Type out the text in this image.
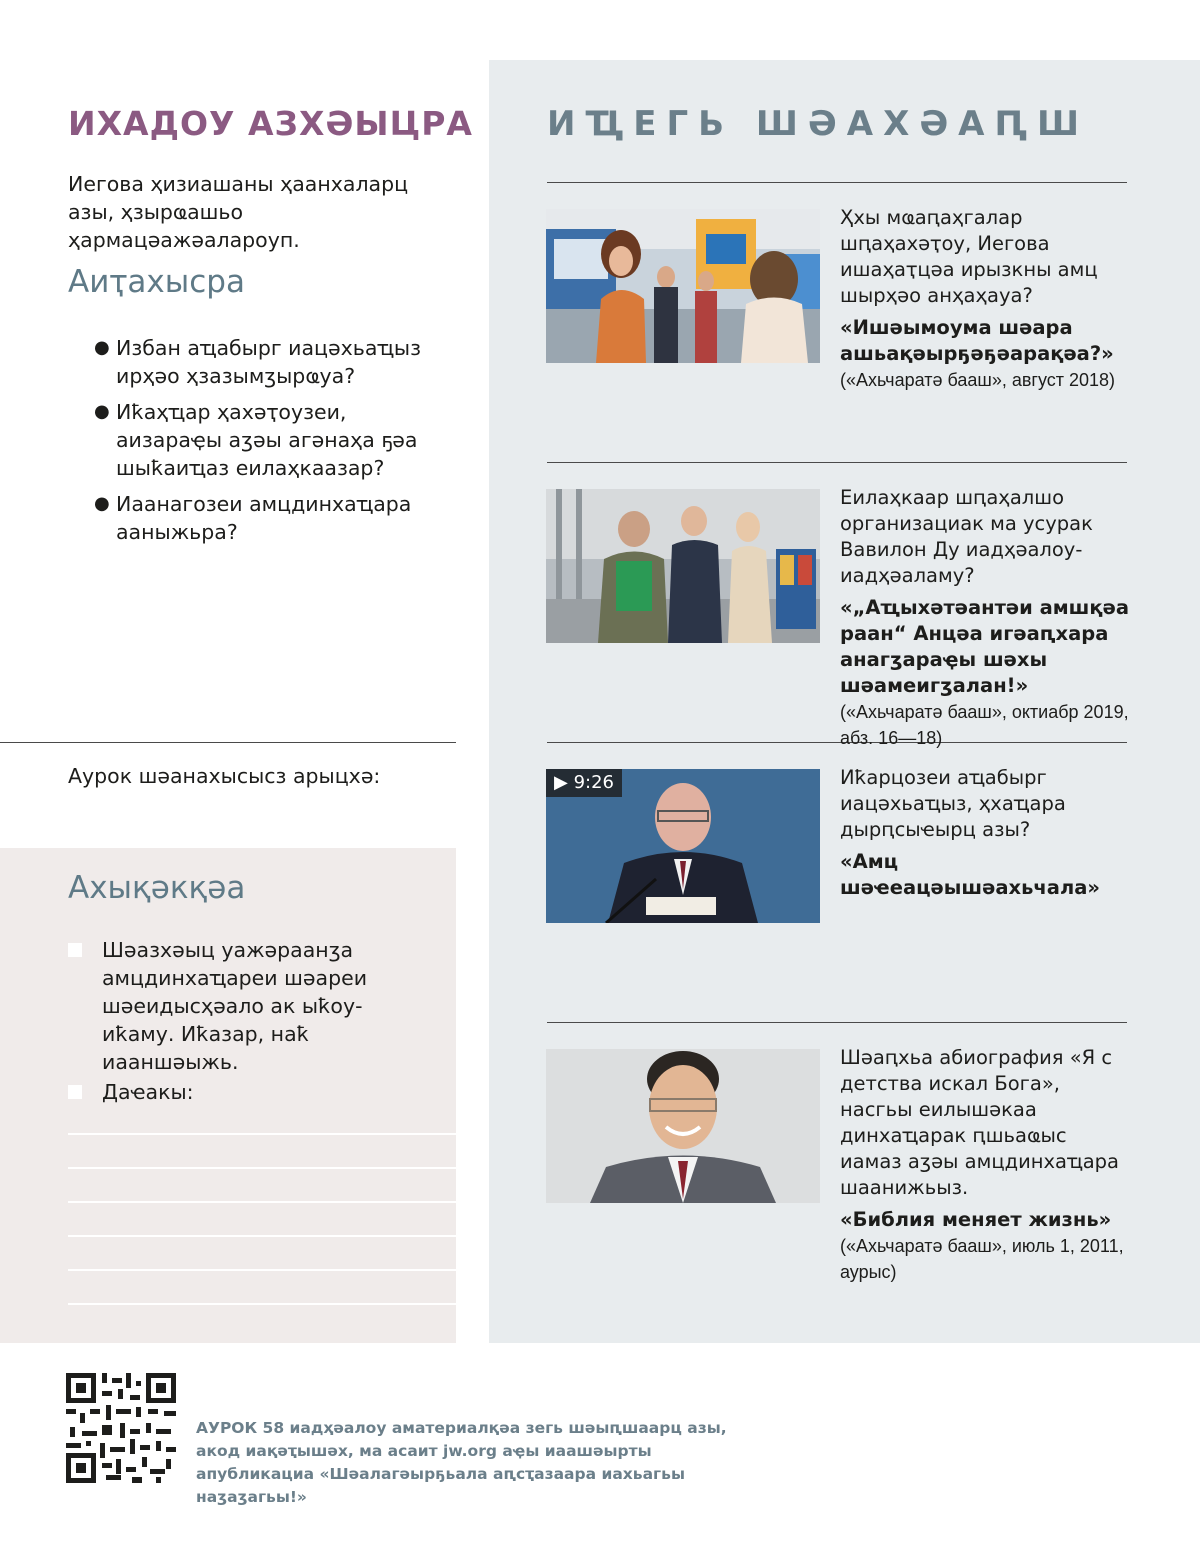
ИХАДОУ АЗХӘЫЦРА

Иегова ҳизиашаны ҳаанхаларц азы, ҳзырҩашьо ҳармацәажәалароуп.

Аиҭахысра
● Избан аҵабырг иацәхьаҵыз ирҳәо ҳзазымӡырҩуа?
● Иҟаҳҵар ҳахәҭоузеи, аизараҿы аӡәы агәнаҳа ҕәа шыҟаиҵаз еилаҳкаазар?
● Иаанагозеи амцдинхаҵара ааныжьра?

Аурок шәанахысысз арыцхә:

Ахықәкқәа
Шәазхәыц уажәраанӡа амцдинхаҵареи шәареи шәеидысҳәало ак ыҟоу-иҟаму. Иҟазар, наҟ иааншәыжь.
Даҽакы:
ИҴЕГЬ ШӘАХӘАԤШ

Ҳхы мҩаԥаҳгалар шԥаҳахәҭоу, Иегова ишаҳаҭцәа ирызкны амц шырҳәо анҳаҳауа?

«Ишәымоума шәара ашьақәырҕәҕәарақәа?» («Ахьчаратә бааш», август 2018)

Еилаҳкаар шԥаҳалшо организациак ма усурак Вавилон Ду иадҳәалоу-иадҳәаламу?

«„Аҵыхәтәантәи амшқәа раан“ Анцәа игәаԥхара анагӡараҿы шәхы шәамеигӡалан!» («Ахьчаратә бааш», октиабр 2019, абз. 16—18)

▶ 9:26	Иҟарцозеи аҵабырг иацәхьаҵыз, ҳхаҵара дырԥсыҽырц азы?

«Амц шәҽеацәышәахьчала»

Шәаԥхьа абиография «Я с детства искал Бога», насгьы еилышәкаа динхаҵарак ԥшьаҩыс иамаз аӡәы амцдинхаҵара шаанижьыз.

«Библия меняет жизнь» («Ахьчаратә бааш», июль 1, 2011, аурыс)

АУРОК 58 иадҳәалоу аматериалқәа зегь шәыԥшаарц азы, акод иақәҭышәх, ма асаит jw.org аҿы иаашәырты апубликациа «Шәалагәырҕьала аԥсҭазаара иахьагьы наӡаӡагьы!»
